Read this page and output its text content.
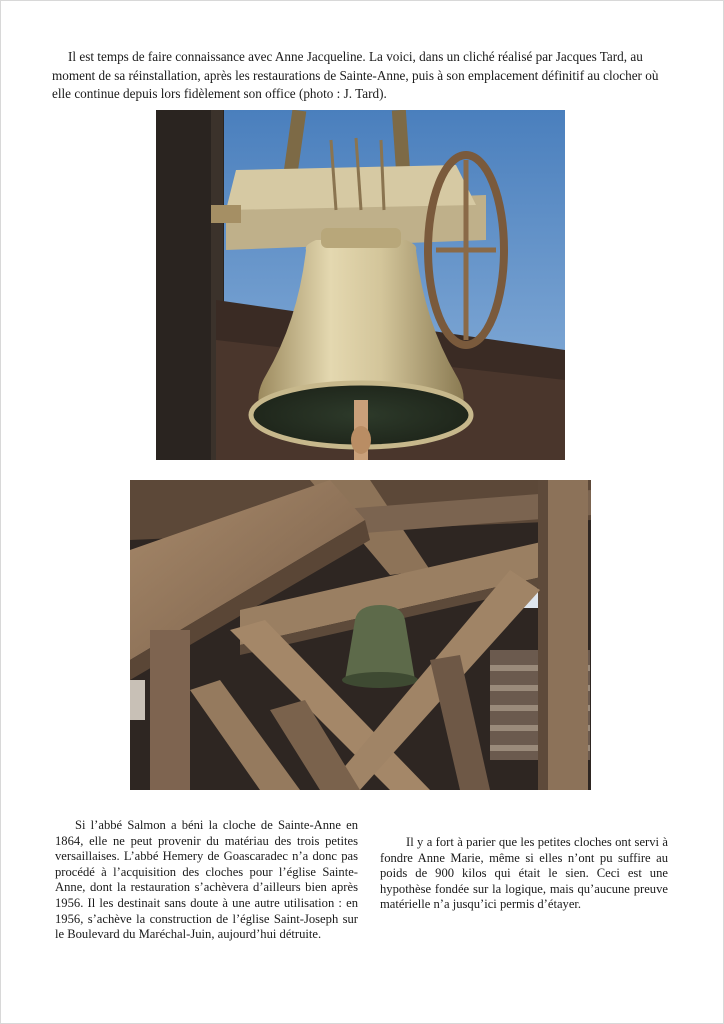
Il est temps de faire connaissance avec Anne Jacqueline. La voici, dans un cliché réalisé par Jacques Tard, au moment de sa réinstallation, après les restaurations de Sainte-Anne, puis à son emplacement définitif au clocher où elle continue depuis lors fidèlement son office (photo : J. Tard).

Si l’abbé Salmon a béni la cloche de Sainte-Anne en 1864, elle ne peut provenir du matériau des trois petites versaillaises. L’abbé Hemery de Goascaradec n’a donc pas procédé à l’acquisition des cloches pour l’église Sainte-Anne, dont la restauration s’achèvera d’ailleurs bien après 1956. Il les destinait sans doute à une autre utilisation : en 1956, s’achève la construction de l’église Saint-Joseph sur le Boulevard du Maréchal-Juin, aujourd’hui détruite.

Il y a fort à parier que les petites cloches ont servi à fondre Anne Marie, même si elles n’ont pu suffire au poids de 900 kilos qui était le sien. Ceci est une hypothèse fondée sur la logique, mais qu’aucune preuve matérielle n’a jusqu’ici permis d’étayer.
